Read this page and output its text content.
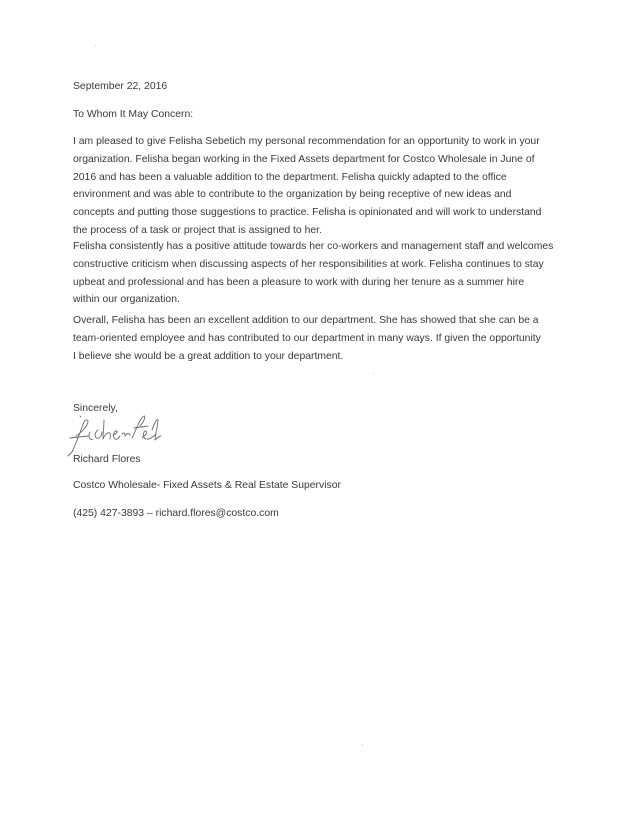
September 22, 2016
To Whom It May Concern:
I am pleased to give Felisha Sebetich my personal recommendation for an opportunity to work in your
organization. Felisha began working in the Fixed Assets department for Costco Wholesale in June of
2016 and has been a valuable addition to the department. Felisha quickly adapted to the office
environment and was able to contribute to the organization by being receptive of new ideas and
concepts and putting those suggestions to practice. Felisha is opinionated and will work to understand
the process of a task or project that is assigned to her.
Felisha consistently has a positive attitude towards her co-workers and management staff and welcomes
constructive criticism when discussing aspects of her responsibilities at work. Felisha continues to stay
upbeat and professional and has been a pleasure to work with during her tenure as a summer hire
within our organization.
Overall, Felisha has been an excellent addition to our department. She has showed that she can be a
team-oriented employee and has contributed to our department in many ways. If given the opportunity
I believe she would be a great addition to your department.
Sincerely,
Richard Flores
Costco Wholesale- Fixed Assets & Real Estate Supervisor
(425) 427-3893 – richard.flores@costco.com
